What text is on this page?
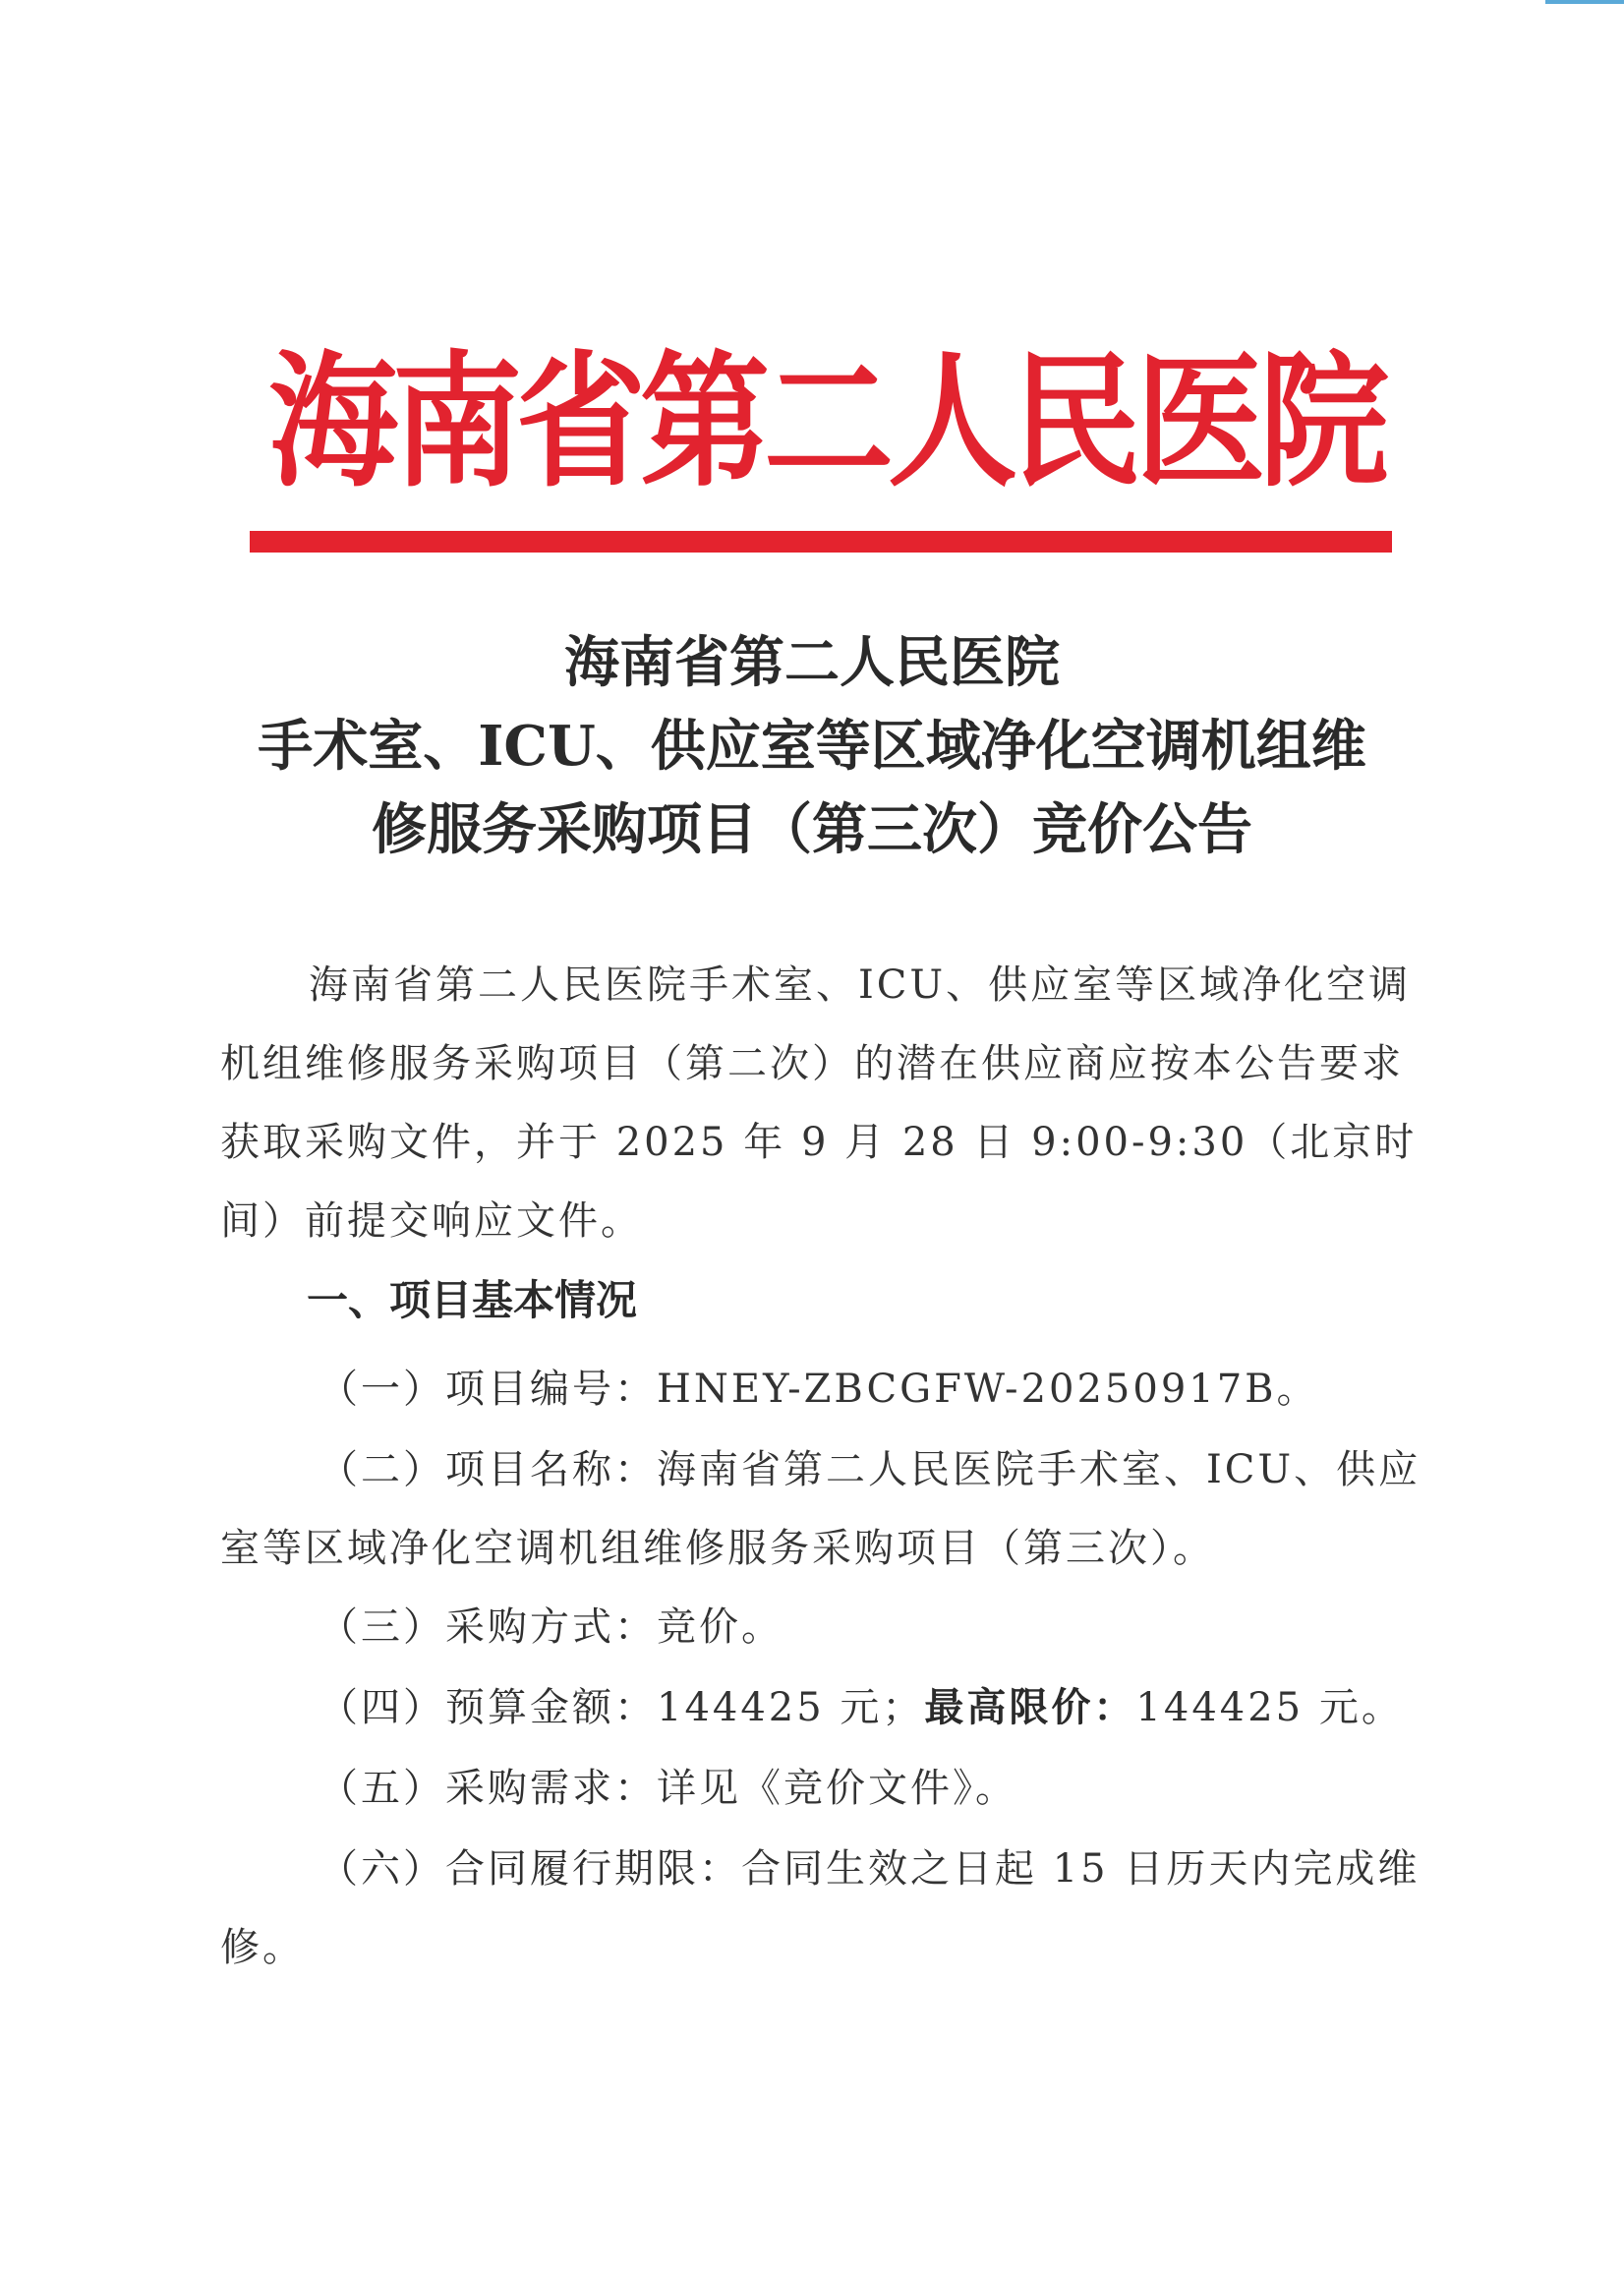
海南省第二人民医院
海南省第二人民医院
手术室、ICU、供应室等区域净化空调机组维
修服务采购项目（第三次）竞价公告

海南省第二人民医院手术室、ICU、供应室等区域净化空调机组维修服务采购项目（第二次）的潜在供应商应按本公告要求获取采购文件，并于 2025 年 9 月 28 日 9:00-9:30（北京时间）前提交响应文件。

一、项目基本情况

（一）项目编号：HNEY-ZBCGFW-20250917B。

（二）项目名称：海南省第二人民医院手术室、ICU、供应室等区域净化空调机组维修服务采购项目（第三次）。

（三）采购方式：竞价。

（四）预算金额：144425 元；最高限价：144425 元。

（五）采购需求：详见《竞价文件》。

（六）合同履行期限：合同生效之日起 15 日历天内完成维修。
